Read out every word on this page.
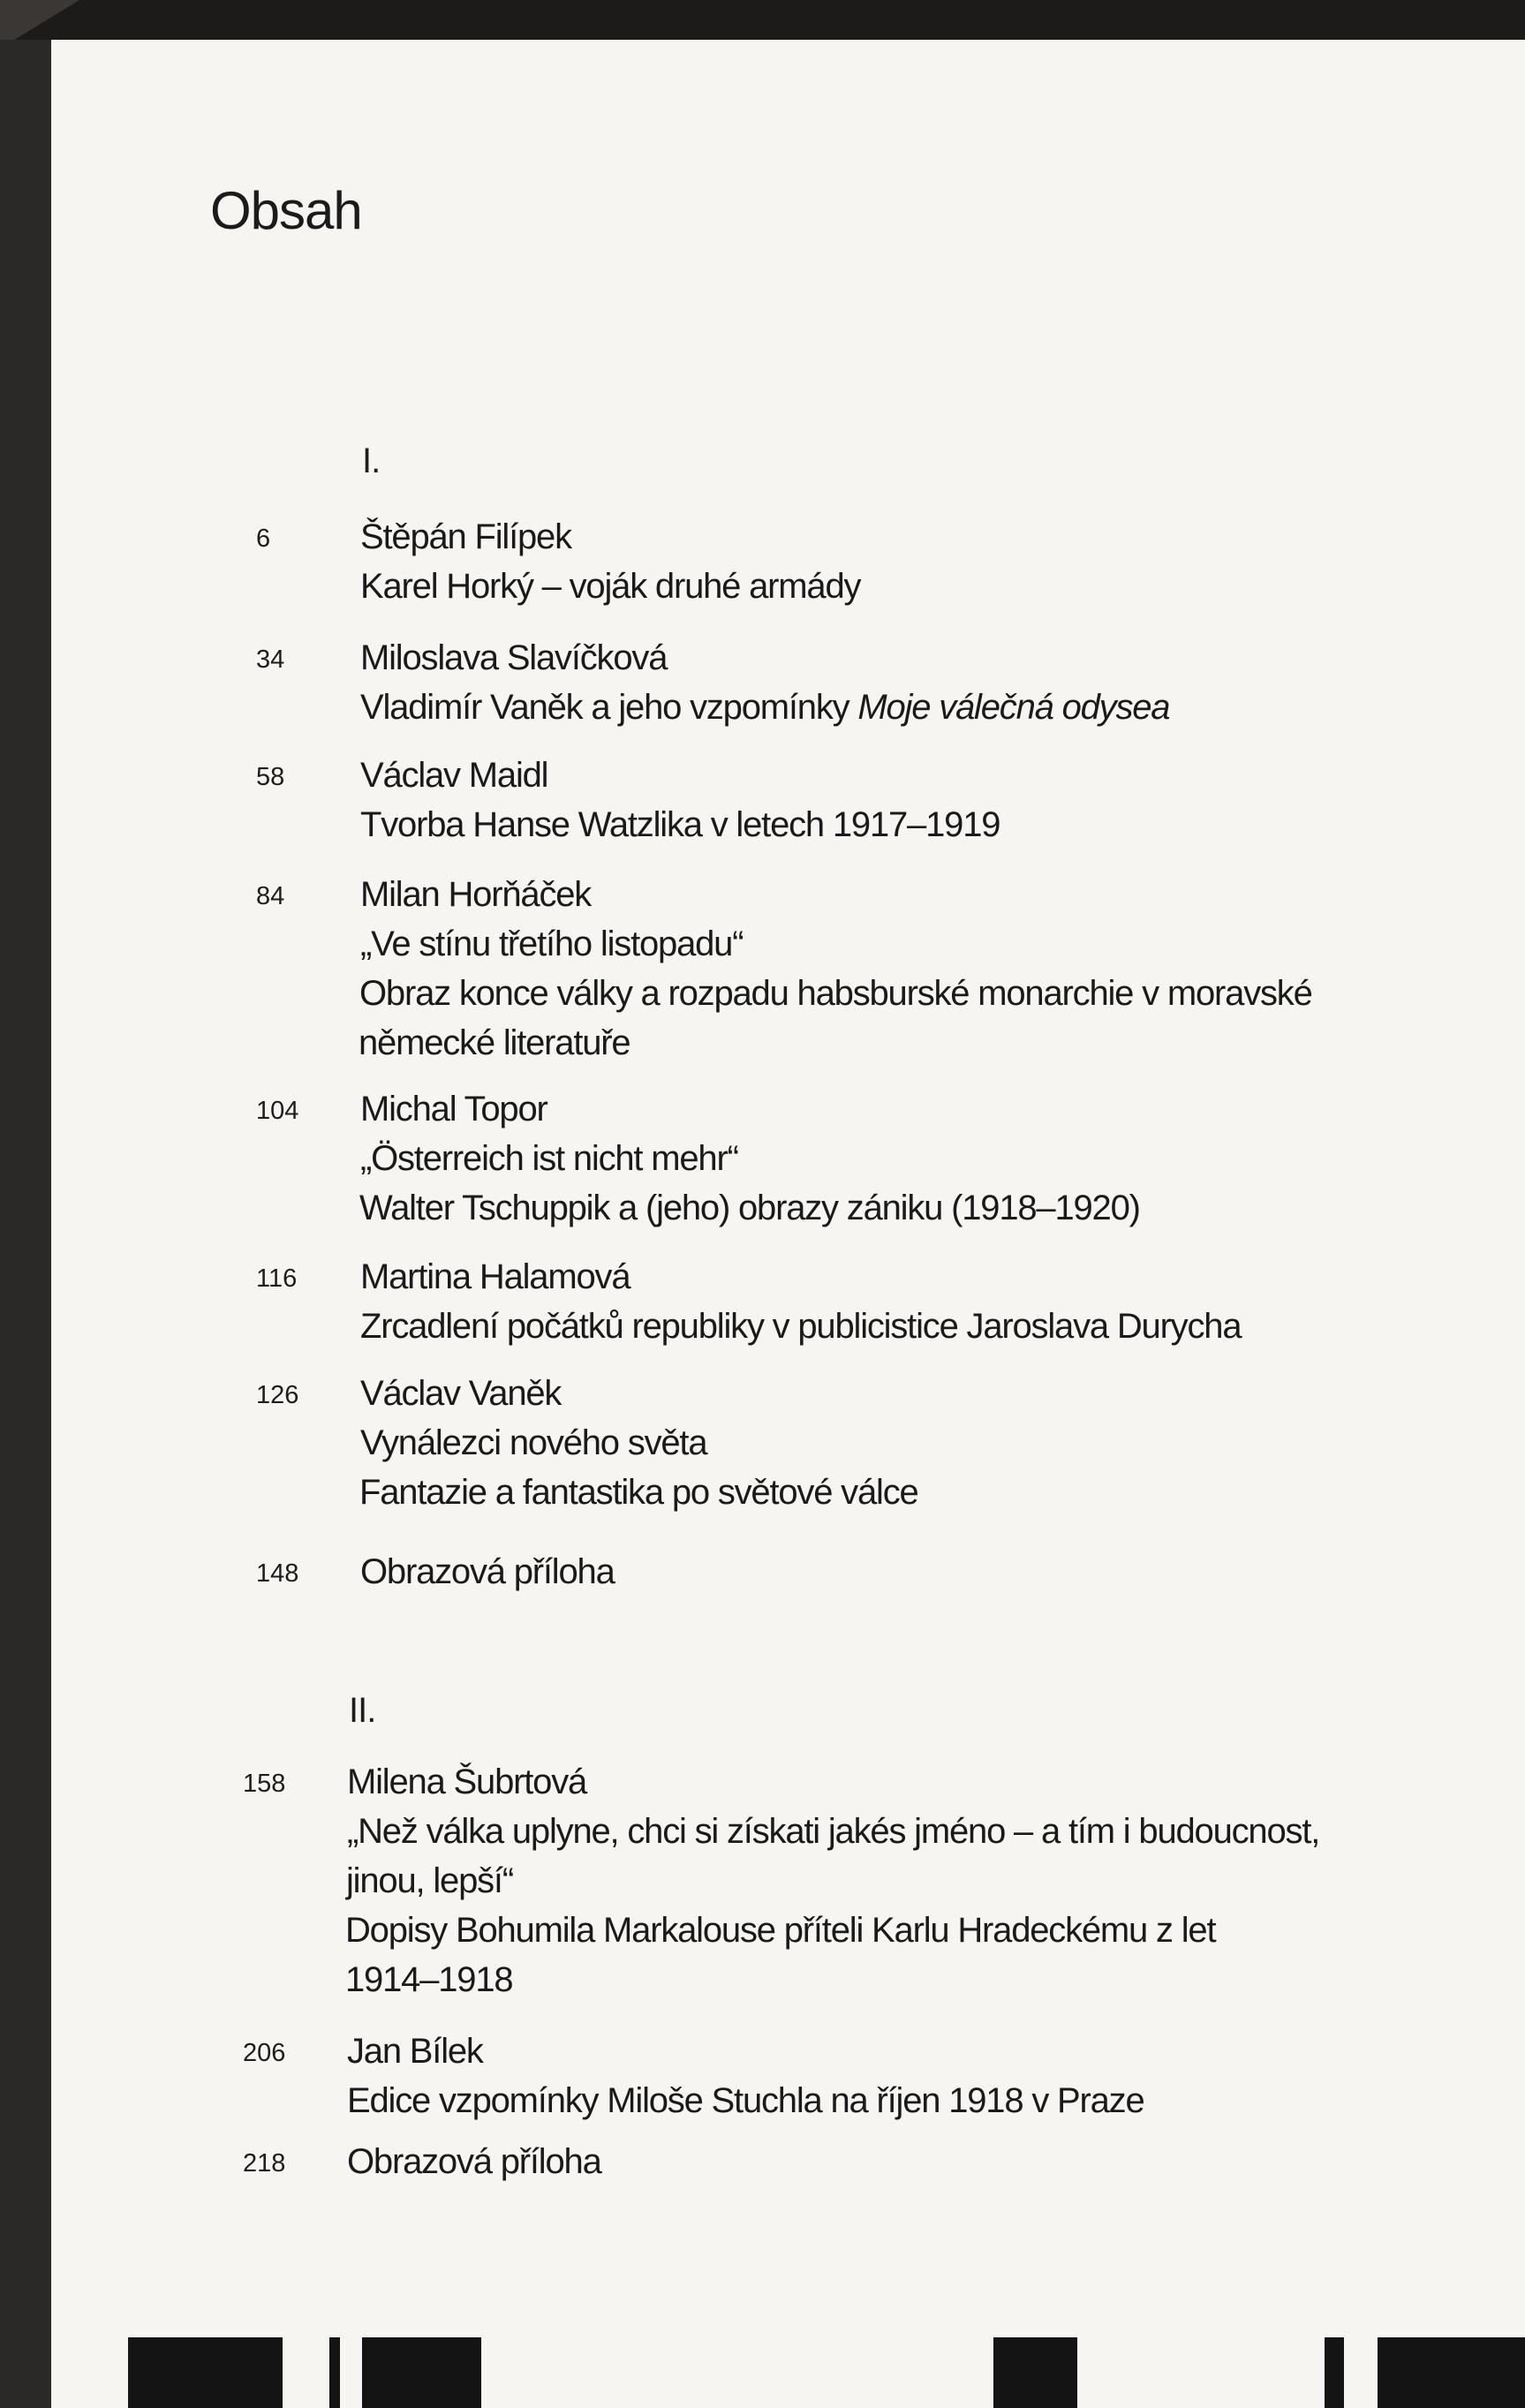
Obsah
I.
6	Štěpán Filípek
Karel Horký – voják druhé armády
34	Miloslava Slavíčková
Vladimír Vaněk a jeho vzpomínky Moje válečná odysea
58	Václav Maidl
Tvorba Hanse Watzlika v letech 1917–1919
84	Milan Horňáček
„Ve stínu třetího listopadu“
Obraz konce války a rozpadu habsburské monarchie v moravské
německé literatuře
104	Michal Topor
„Österreich ist nicht mehr“
Walter Tschuppik a (jeho) obrazy zániku (1918–1920)
116	Martina Halamová
Zrcadlení počátků republiky v publicistice Jaroslava Durycha
126	Václav Vaněk
Vynálezci nového světa
Fantazie a fantastika po světové válce
148	Obrazová příloha
II.
158	Milena Šubrtová
„Než válka uplyne, chci si získati jakés jméno – a tím i budoucnost,
jinou, lepší“
Dopisy Bohumila Markalouse příteli Karlu Hradeckému z let
1914–1918
206	Jan Bílek
Edice vzpomínky Miloše Stuchla na říjen 1918 v Praze
218	Obrazová příloha
